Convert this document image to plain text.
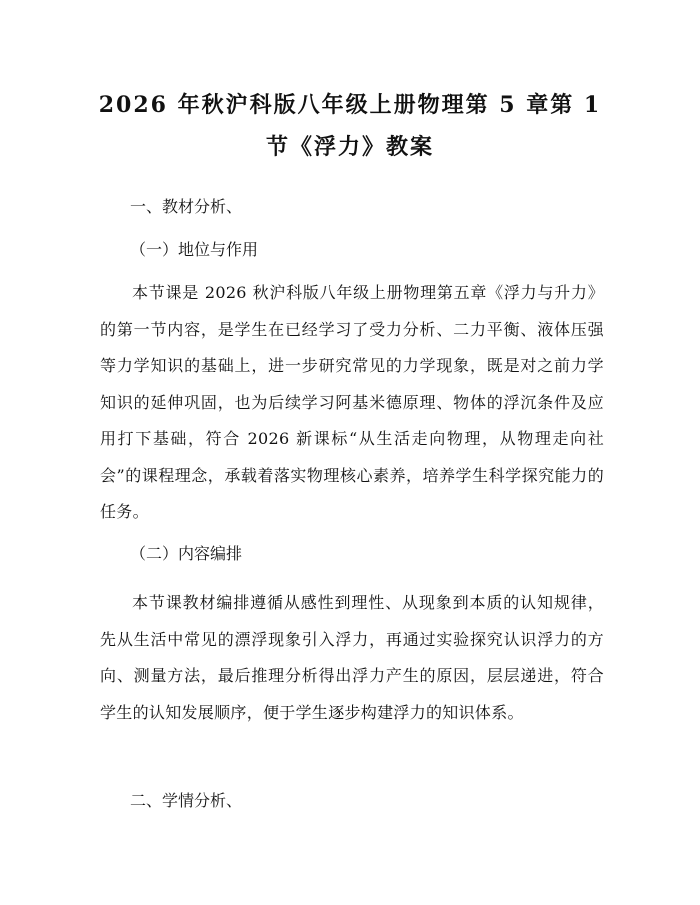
2026 年秋沪科版八年级上册物理第 5 章第 1
节《浮力》教案

一、教材分析、

（一）地位与作用

本节课是 2026 秋沪科版八年级上册物理第五章《浮力与升力》的第一节内容，是学生在已经学习了受力分析、二力平衡、液体压强等力学知识的基础上，进一步研究常见的力学现象，既是对之前力学知识的延伸巩固，也为后续学习阿基米德原理、物体的浮沉条件及应用打下基础，符合 2026 新课标“从生活走向物理，从物理走向社会”的课程理念，承载着落实物理核心素养，培养学生科学探究能力的任务。

（二）内容编排

本节课教材编排遵循从感性到理性、从现象到本质的认知规律，先从生活中常见的漂浮现象引入浮力，再通过实验探究认识浮力的方向、测量方法，最后推理分析得出浮力产生的原因，层层递进，符合学生的认知发展顺序，便于学生逐步构建浮力的知识体系。

二、学情分析、
